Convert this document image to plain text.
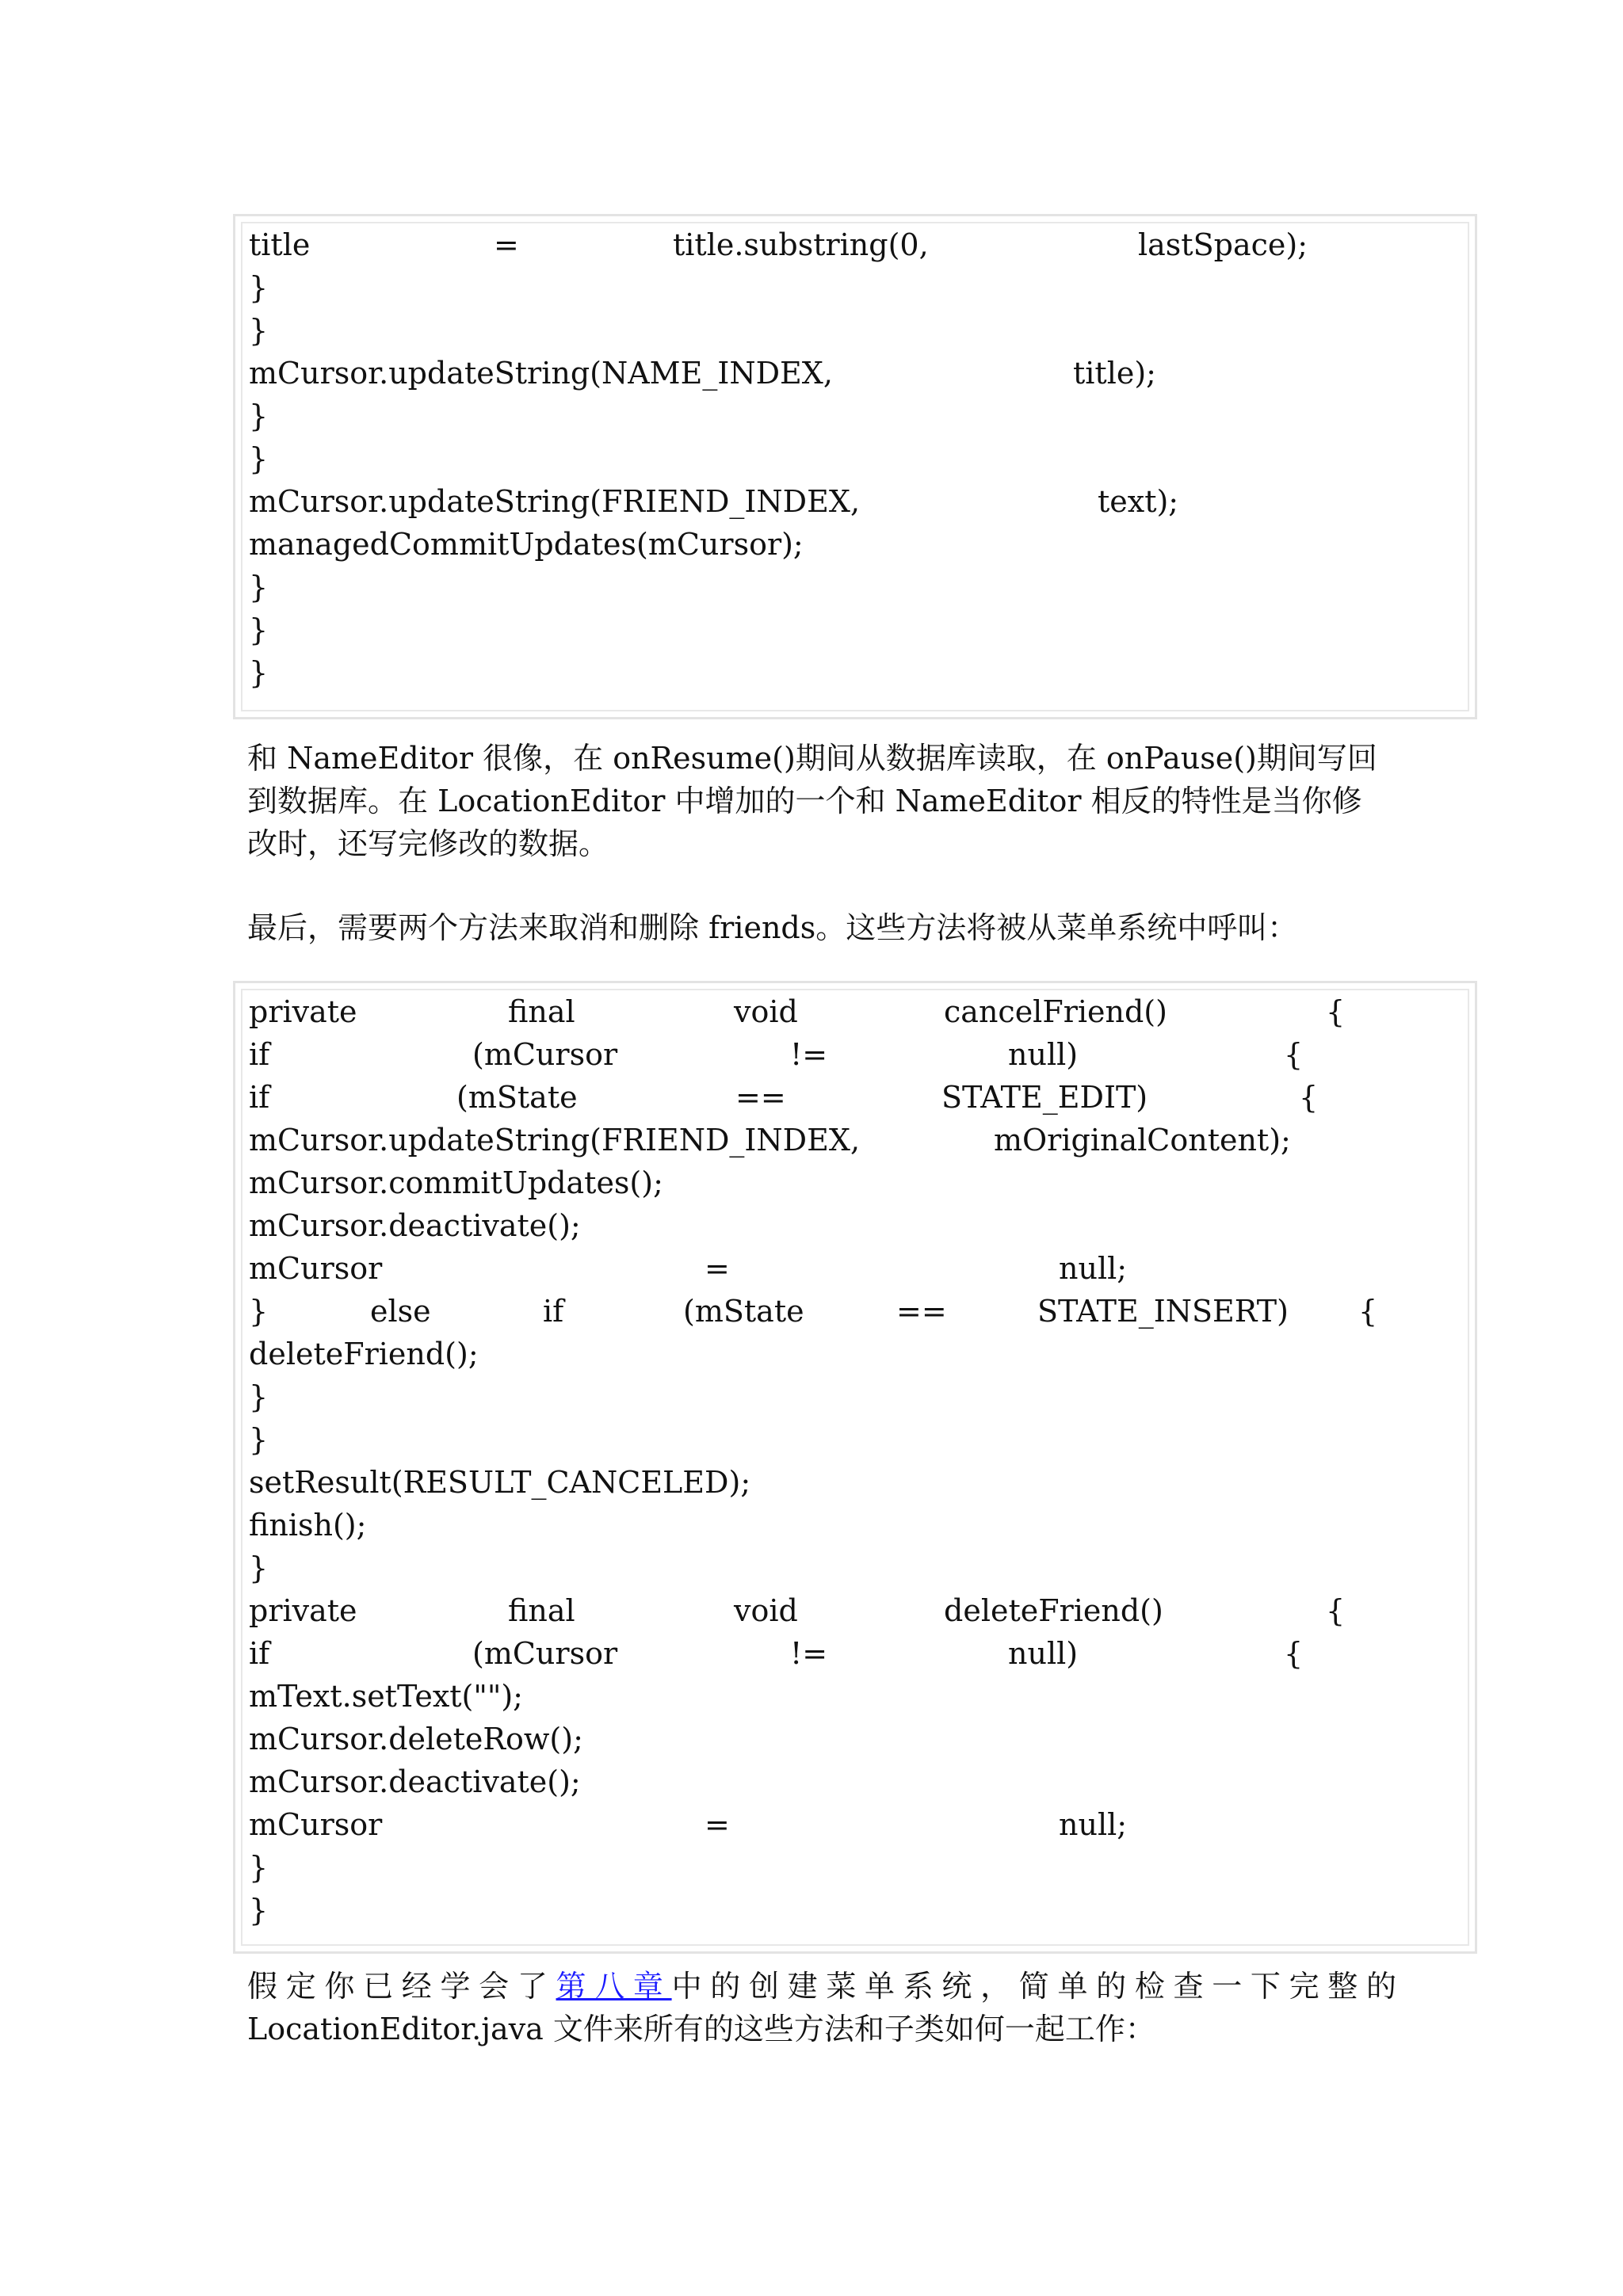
title	=	title.substring(0,	lastSpace);
}
}
mCursor.updateString(NAME_INDEX,	title);
}
}
mCursor.updateString(FRIEND_INDEX,	text);
managedCommitUpdates(mCursor);
}
}
}
和 NameEditor 很像，在 onResume()期间从数据库读取，在 onPause()期间写回
到数据库。在 LocationEditor 中增加的一个和 NameEditor 相反的特性是当你修
改时，还写完修改的数据。
最后，需要两个方法来取消和删除 friends。这些方法将被从菜单系统中呼叫：
private	final	void	cancelFriend()	{
if	(mCursor	!=	null)	{
if	(mState	==	STATE_EDIT)	{
mCursor.updateString(FRIEND_INDEX,	mOriginalContent);
mCursor.commitUpdates();
mCursor.deactivate();
mCursor	=	null;
}	else	if	(mState	==	STATE_INSERT) {
deleteFriend();
}
}
setResult(RESULT_CANCELED);
finish();
}
private	final	void	deleteFriend()	{
if	(mCursor	!=	null)	{
mText.setText("");
mCursor.deleteRow();
mCursor.deactivate();
mCursor	=	null;
}
}
假定你已经学会了第八章中的创建菜单系统，简单的检查一下完整的
LocationEditor.java 文件来所有的这些方法和子类如何一起工作：
